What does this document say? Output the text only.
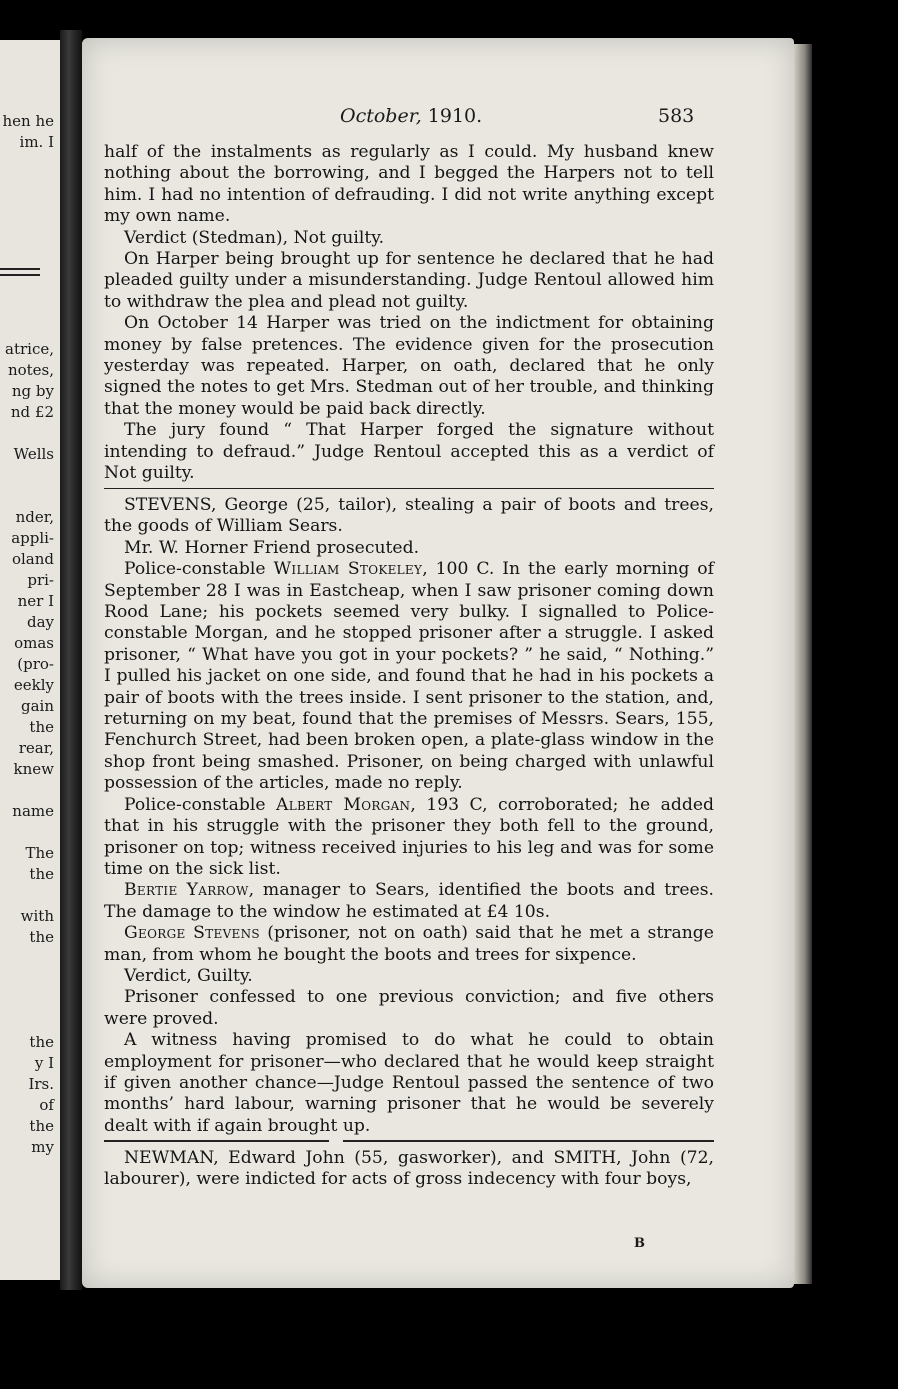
hen he
im. I
atrice,
notes,
ng by
nd £2
Wells
nder,
appli-
oland
pri-
ner I
day
omas
(pro-
eekly
gain
the
rear,
knew
name
The
the
with
the
the
y I
Irs.
of
the
my
October, 1910.	583

half of the instalments as regularly as I could. My husband knew nothing about the borrowing, and I begged the Harpers not to tell him. I had no intention of defrauding. I did not write anything except my own name.

Verdict (Stedman), Not guilty.

On Harper being brought up for sentence he declared that he had pleaded guilty under a misunderstanding. Judge Rentoul allowed him to withdraw the plea and plead not guilty.

On October 14 Harper was tried on the indictment for obtaining money by false pretences. The evidence given for the prosecution yesterday was repeated. Harper, on oath, declared that he only signed the notes to get Mrs. Stedman out of her trouble, and thinking that the money would be paid back directly.

The jury found “ That Harper forged the signature without intending to defraud.” Judge Rentoul accepted this as a verdict of Not guilty.

STEVENS, George (25, tailor), stealing a pair of boots and trees, the goods of William Sears.

Mr. W. Horner Friend prosecuted.

Police-constable William Stokeley, 100 C. In the early morning of September 28 I was in Eastcheap, when I saw prisoner coming down Rood Lane; his pockets seemed very bulky. I signalled to Police-constable Morgan, and he stopped prisoner after a struggle. I asked prisoner, “ What have you got in your pockets? ” he said, “ Nothing.” I pulled his jacket on one side, and found that he had in his pockets a pair of boots with the trees inside. I sent prisoner to the station, and, returning on my beat, found that the premises of Messrs. Sears, 155, Fenchurch Street, had been broken open, a plate-glass window in the shop front being smashed. Prisoner, on being charged with unlawful possession of the articles, made no reply.

Police-constable Albert Morgan, 193 C, corroborated; he added that in his struggle with the prisoner they both fell to the ground, prisoner on top; witness received injuries to his leg and was for some time on the sick list.

Bertie Yarrow, manager to Sears, identified the boots and trees. The damage to the window he estimated at £4 10s.

George Stevens (prisoner, not on oath) said that he met a strange man, from whom he bought the boots and trees for sixpence.

Verdict, Guilty.

Prisoner confessed to one previous conviction; and five others were proved.

A witness having promised to do what he could to obtain employment for prisoner—who declared that he would keep straight if given another chance—Judge Rentoul passed the sentence of two months’ hard labour, warning prisoner that he would be severely dealt with if again brought up.

NEWMAN, Edward John (55, gasworker), and SMITH, John (72, labourer), were indicted for acts of gross indecency with four boys,

B
